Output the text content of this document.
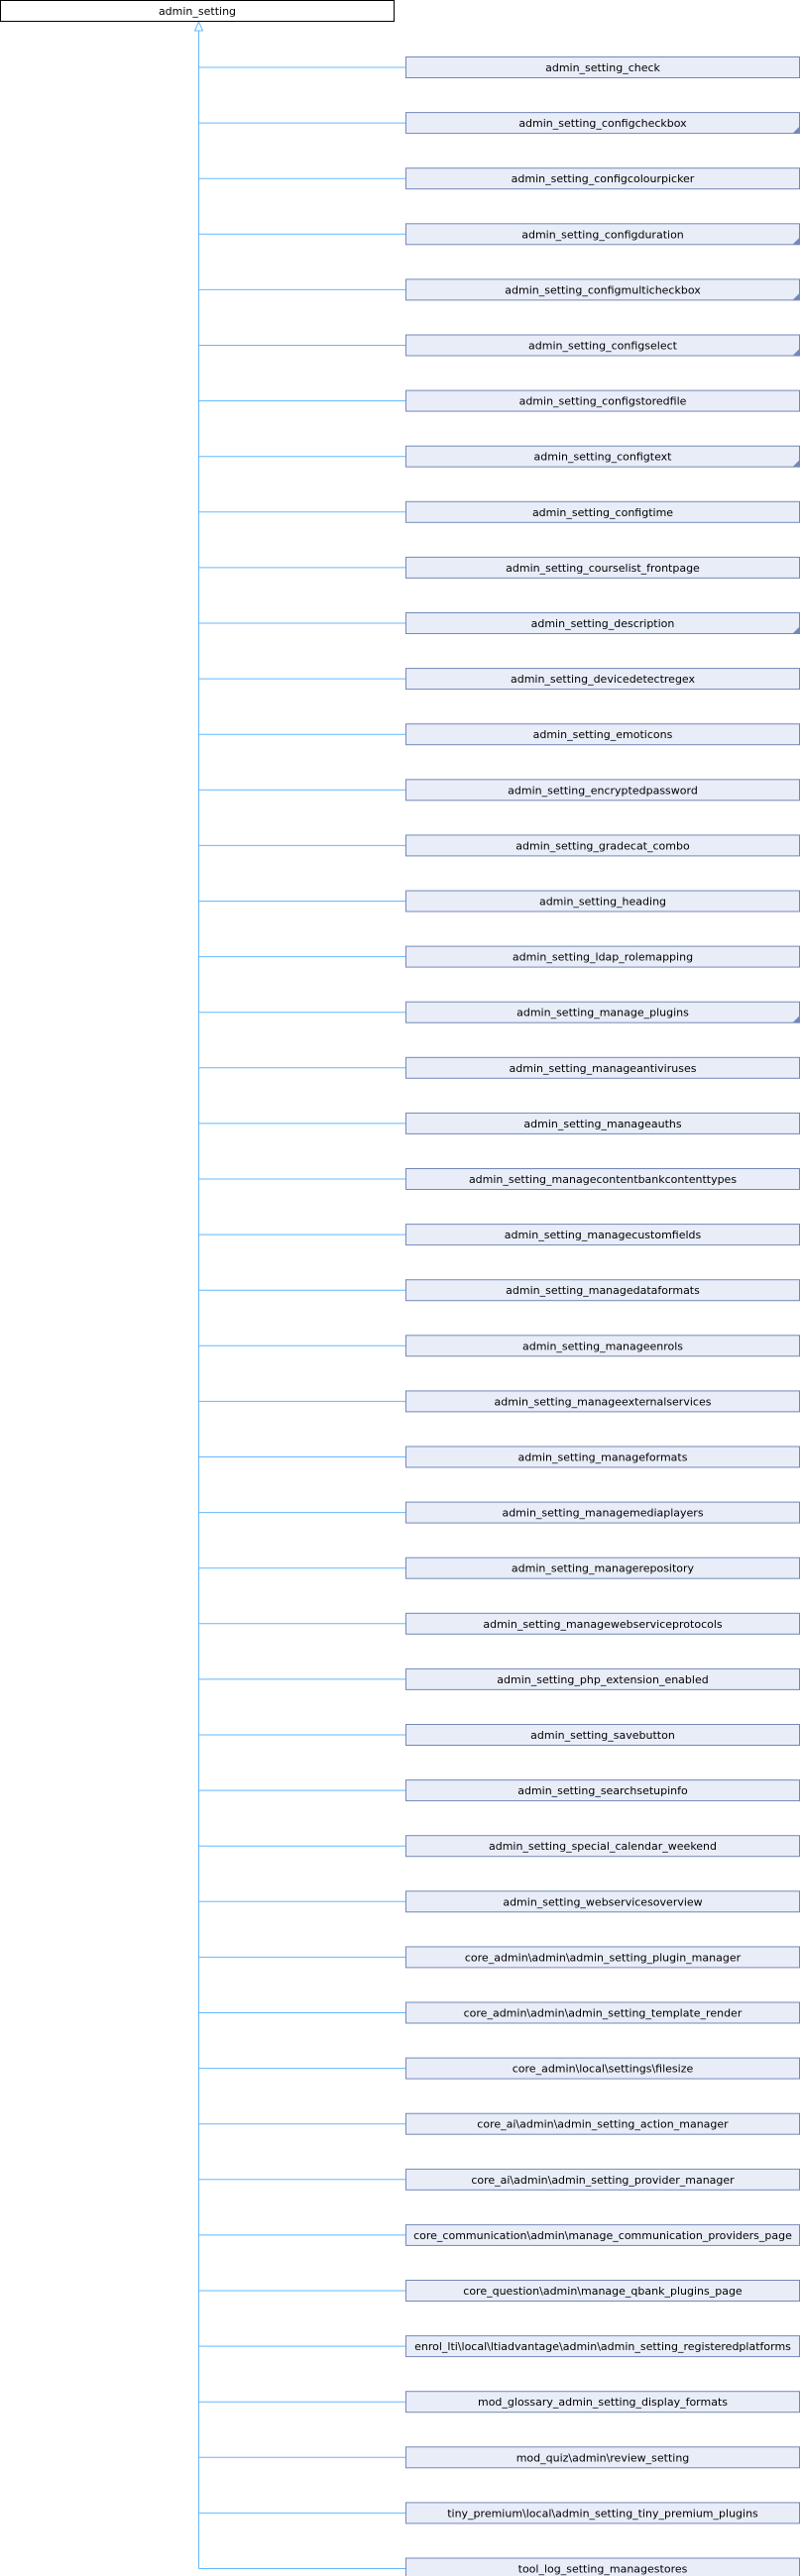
admin_setting
admin_setting_check
admin_setting_configcheckbox
admin_setting_configcolourpicker
admin_setting_configduration
admin_setting_configmulticheckbox
admin_setting_configselect
admin_setting_configstoredfile
admin_setting_configtext
admin_setting_configtime
admin_setting_courselist_frontpage
admin_setting_description
admin_setting_devicedetectregex
admin_setting_emoticons
admin_setting_encryptedpassword
admin_setting_gradecat_combo
admin_setting_heading
admin_setting_ldap_rolemapping
admin_setting_manage_plugins
admin_setting_manageantiviruses
admin_setting_manageauths
admin_setting_managecontentbankcontenttypes
admin_setting_managecustomfields
admin_setting_managedataformats
admin_setting_manageenrols
admin_setting_manageexternalservices
admin_setting_manageformats
admin_setting_managemediaplayers
admin_setting_managerepository
admin_setting_managewebserviceprotocols
admin_setting_php_extension_enabled
admin_setting_savebutton
admin_setting_searchsetupinfo
admin_setting_special_calendar_weekend
admin_setting_webservicesoverview
core_admin\admin\admin_setting_plugin_manager
core_admin\admin\admin_setting_template_render
core_admin\local\settings\filesize
core_ai\admin\admin_setting_action_manager
core_ai\admin\admin_setting_provider_manager
core_communication\admin\manage_communication_providers_page
core_question\admin\manage_qbank_plugins_page
enrol_lti\local\ltiadvantage\admin\admin_setting_registeredplatforms
mod_glossary_admin_setting_display_formats
mod_quiz\admin\review_setting
tiny_premium\local\admin_setting_tiny_premium_plugins
tool_log_setting_managestores
